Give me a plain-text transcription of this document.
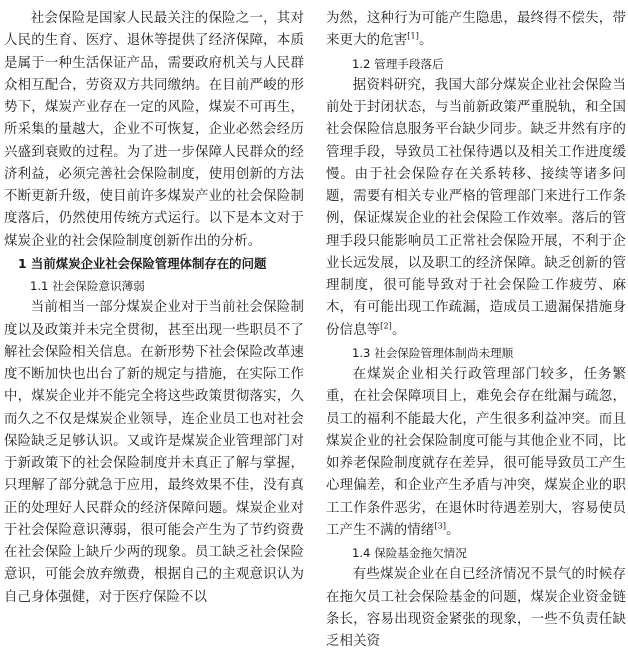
社会保险是国家人民最关注的保险之一，其对人民的生育、医疗、退休等提供了经济保障，本质是属于一种生活保证产品，需要政府机关与人民群众相互配合，劳资双方共同缴纳。在目前严峻的形势下，煤炭产业存在一定的风险，煤炭不可再生，所采集的量越大，企业不可恢复，企业必然会经历兴盛到衰败的过程。为了进一步保障人民群众的经济利益，必须完善社会保险制度，使用创新的方法不断更新升级，使目前许多煤炭产业的社会保险制度落后，仍然使用传统方式运行。以下是本文对于煤炭企业的社会保险制度创新作出的分析。

1 当前煤炭企业社会保险管理体制存在的问题
1.1 社会保险意识薄弱

当前相当一部分煤炭企业对于当前社会保险制度以及政策并未完全贯彻，甚至出现一些职员不了解社会保险相关信息。在新形势下社会保险改革速度不断加快也出台了新的规定与措施，在实际工作中，煤炭企业并不能完全将这些政策贯彻落实，久而久之不仅是煤炭企业领导，连企业员工也对社会保险缺乏足够认识。又或许是煤炭企业管理部门对于新政策下的社会保险制度并未真正了解与掌握，只理解了部分就急于应用，最终效果不佳，没有真正的处理好人民群众的经济保障问题。煤炭企业对于社会保险意识薄弱，很可能会产生为了节约资费在社会保险上缺斤少两的现象。员工缺乏社会保险意识，可能会放弃缴费，根据自己的主观意识认为自己身体强健，对于医疗保险不以

为然，这种行为可能产生隐患，最终得不偿失，带来更大的危害[1]。

1.2 管理手段落后

据资料研究，我国大部分煤炭企业社会保险当前处于封闭状态，与当前新政策严重脱轨，和全国社会保险信息服务平台缺少同步。缺乏井然有序的管理手段，导致员工社保待遇以及相关工作进度缓慢。由于社会保险存在关系转移、接续等诸多问题，需要有相关专业严格的管理部门来进行工作条例，保证煤炭企业的社会保险工作效率。落后的管理手段只能影响员工正常社会保险开展，不利于企业长远发展，以及职工的经济保障。缺乏创新的管理制度，很可能导致对于社会保险工作疲劳、麻木，有可能出现工作疏漏，造成员工遗漏保措施身份信息等[2]。

1.3 社会保险管理体制尚未理顺

在煤炭企业相关行政管理部门较多，任务繁重，在社会保障项目上，难免会存在纰漏与疏忽，员工的福利不能最大化，产生很多利益冲突。而且煤炭企业的社会保险制度可能与其他企业不同，比如养老保险制度就存在差异，很可能导致员工产生心理偏差，和企业产生矛盾与冲突，煤炭企业的职工工作条件恶劣，在退休时待遇差别大，容易使员工产生不满的情绪[3]。

1.4 保险基金拖欠情况

有些煤炭企业在自已经济情况不景气的时候存在拖欠员工社会保险基金的问题，煤炭企业资金链条长，容易出现资金紧张的现象，一些不负责任缺乏相关资
